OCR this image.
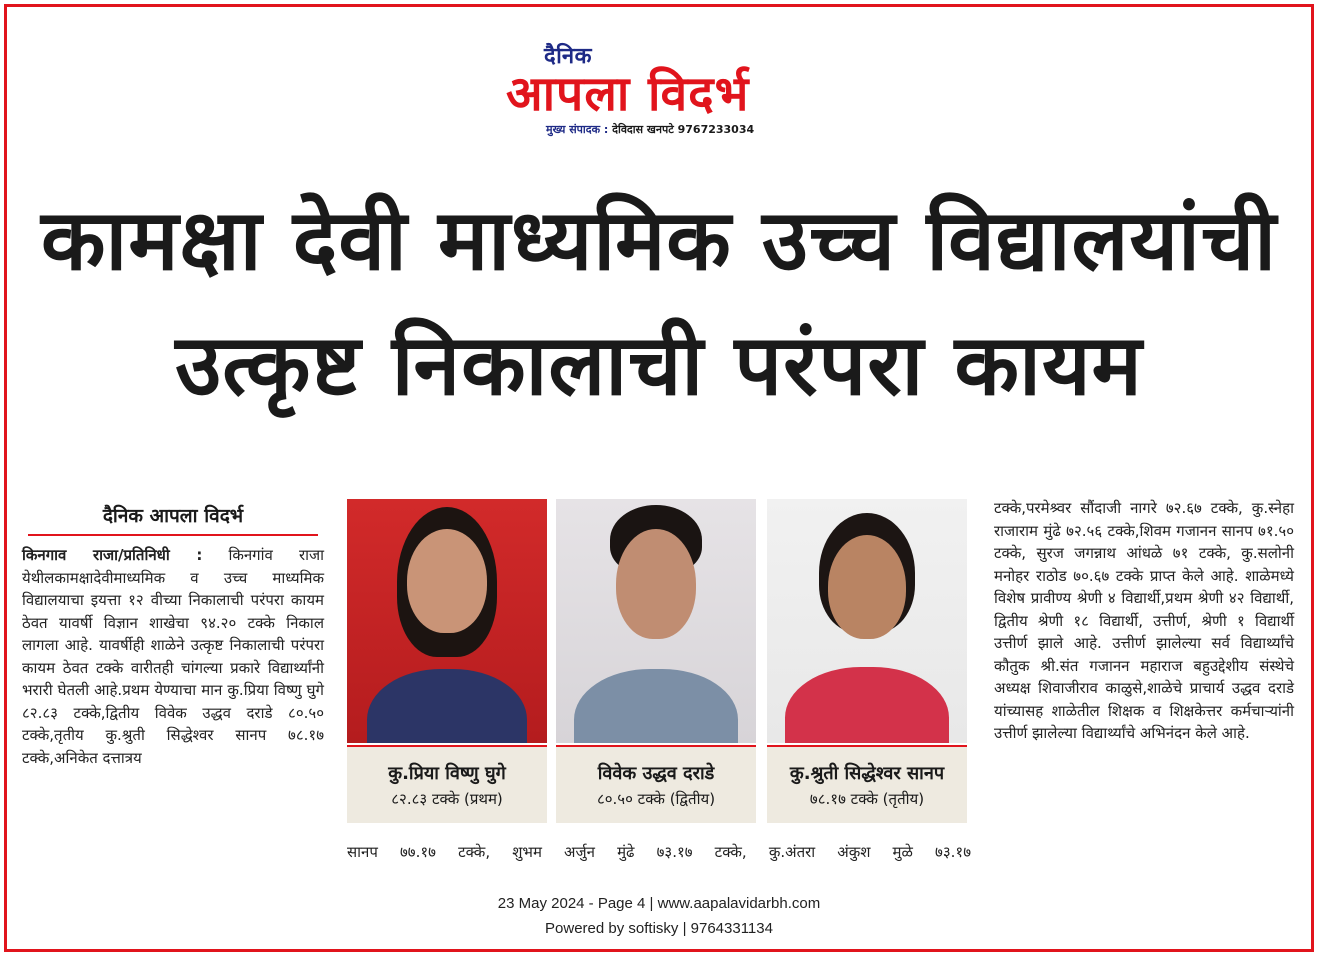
दैनिक
आपला विदर्भ
मुख्य संपादक : देविदास खनपटे 9767233034
कामक्षा देवी माध्यमिक उच्च विद्यालयांची
उत्कृष्ट निकालाची परंपरा कायम
दैनिक आपला विदर्भ
किनगाव राजा/प्रतिनिधी : किनगांव राजा येथीलकामक्षादेवीमाध्यमिक व उच्च माध्यमिक विद्यालयाचा इयत्ता १२ वीच्या निकालाची परंपरा कायम ठेवत यावर्षी विज्ञान शाखेचा ९४.२० टक्के निकाल लागला आहे. यावर्षीही शाळेने उत्कृष्ट निकालाची परंपरा कायम ठेवत टक्के वारीतही चांगल्या प्रकारे विद्यार्थ्यांनी भरारी घेतली आहे.प्रथम येण्याचा मान कु.प्रिया विष्णु घुगे ८२.८३ टक्के,द्वितीय विवेक उद्धव दराडे ८०.५० टक्के,तृतीय कु.श्रुती सिद्धेश्वर सानप ७८.१७ टक्के,अनिकेत दत्तात्रय
कु.प्रिया विष्णु घुगे
८२.८३ टक्के (प्रथम)
विवेक उद्धव दराडे
८०.५० टक्के (द्वितीय)
कु.श्रुती सिद्धेश्वर सानप
७८.१७ टक्के (तृतीय)
सानप ७७.१७ टक्के, शुभम अर्जुन मुंढे ७३.१७ टक्के, कु.अंतरा अंकुश मुळे ७३.१७
टक्के,परमेश्र्वर सौंदाजी नागरे ७२.६७ टक्के, कु.स्नेहा राजाराम मुंढे ७२.५६ टक्के,शिवम गजानन सानप ७१.५० टक्के, सुरज जगन्नाथ आंधळे ७१ टक्के, कु.सलोनी मनोहर राठोड ७०.६७ टक्के प्राप्त केले आहे. शाळेमध्ये विशेष प्रावीण्य श्रेणी ४ विद्यार्थी,प्रथम श्रेणी ४२ विद्यार्थी, द्वितीय श्रेणी १८ विद्यार्थी, उत्तीर्ण, श्रेणी १ विद्यार्थी उत्तीर्ण झाले आहे. उत्तीर्ण झालेल्या सर्व विद्यार्थ्यांचे कौतुक श्री.संत गजानन महाराज बहुउद्देशीय संस्थेचे अध्यक्ष शिवाजीराव काळुसे,शाळेचे प्राचार्य उद्धव दराडे यांच्यासह शाळेतील शिक्षक व शिक्षकेत्तर कर्मचाऱ्यांनी उत्तीर्ण झालेल्या विद्यार्थ्यांचे अभिनंदन केले आहे.
23 May 2024 - Page 4 | www.aapalavidarbh.com
Powered by softisky | 9764331134
